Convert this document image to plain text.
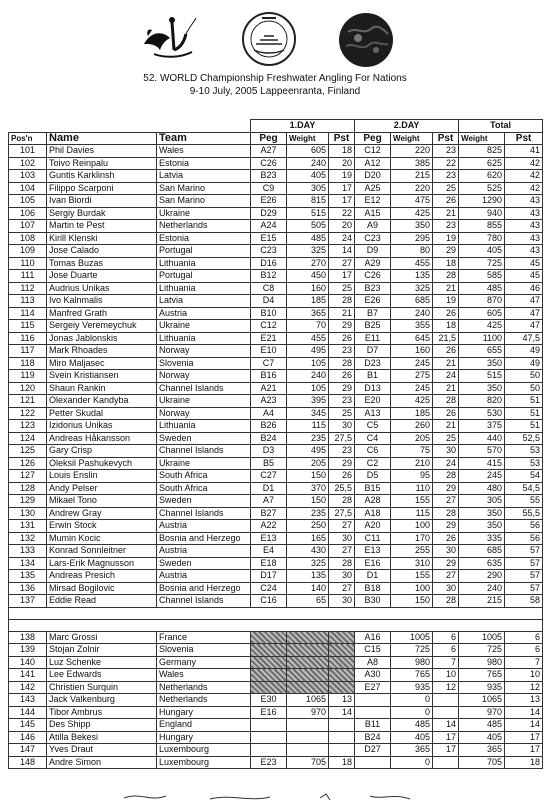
52. WORLD Championship Freshwater Angling For Nations
9-10 July, 2005 Lappeenranta, Finland
			1.DAY			2.DAY			Total	
Pos'n	Name	Team	Peg	Weight	Pst	Peg	Weight	Pst	Weight	Pst
101	Phil Davies	Wales	A27	605	18	C12	220	23	825	41
102	Toivo Reinpalu	Estonia	C26	240	20	A12	385	22	625	42
103	Guntis Karklinsh	Latvia	B23	405	19	D20	215	23	620	42
104	Filippo Scarponi	San Marino	C9	305	17	A25	220	25	525	42
105	Ivan Biordi	San Marino	E26	815	17	E12	475	26	1290	43
106	Sergiy Burdak	Ukraine	D29	515	22	A15	425	21	940	43
107	Martin te Pest	Netherlands	A24	505	20	A9	350	23	855	43
108	Kirill Klenski	Estonia	E15	485	24	C23	295	19	780	43
109	Jose Calado	Portugal	C23	325	14	D9	80	29	405	43
110	Tomas Buzas	Lithuania	D16	270	27	A29	455	18	725	45
111	Jose Duarte	Portugal	B12	450	17	C26	135	28	585	45
112	Audrius Unikas	Lithuania	C8	160	25	B23	325	21	485	46
113	Ivo Kalnmalis	Latvia	D4	185	28	E26	685	19	870	47
114	Manfred Grath	Austria	B10	365	21	B7	240	26	605	47
115	Sergeiy Veremeychuk	Ukraine	C12	70	29	B25	355	18	425	47
116	Jonas Jablonskis	Lithuania	E21	455	26	E11	645	21,5	1100	47,5
117	Mark Rhoades	Norway	E10	495	23	D7	160	26	655	49
118	Miro Maljasec	Slovenia	C7	105	28	D23	245	21	350	49
119	Svein Kristiansen	Norway	B16	240	26	B1	275	24	515	50
120	Shaun Rankin	Channel Islands	A21	105	29	D13	245	21	350	50
121	Olexander Kandyba	Ukraine	A23	395	23	E20	425	28	820	51
122	Petter Skudal	Norway	A4	345	25	A13	185	26	530	51
123	Izidorius Unikas	Lithuania	B26	115	30	C5	260	21	375	51
124	Andreas Håkansson	Sweden	B24	235	27,5	C4	205	25	440	52,5
125	Gary Crisp	Channel Islands	D3	495	23	C6	75	30	570	53
126	Oleksil Pashukevych	Ukraine	B5	205	29	C2	210	24	415	53
127	Louis Enslin	South Africa	C27	150	26	D5	95	28	245	54
128	Andy Pelser	South Africa	D1	370	25,5	B15	110	29	480	54,5
129	Mikael Tono	Sweden	A7	150	28	A28	155	27	305	55
130	Andrew Gray	Channel Islands	B27	235	27,5	A18	115	28	350	55,5
131	Erwin Stock	Austria	A22	250	27	A20	100	29	350	56
132	Mumin Kocic	Bosnia and Herzego	E13	165	30	C11	170	26	335	56
133	Konrad Sonnleitner	Austria	E4	430	27	E13	255	30	685	57
134	Lars-Erik Magnusson	Sweden	E18	325	28	E16	310	29	635	57
135	Andreas Presich	Austria	D17	135	30	D1	155	27	290	57
136	Mirsad Bogilovic	Bosnia and Herzego	C24	140	27	B18	100	30	240	57
137	Eddie Read	Channel Islands	C16	65	30	B30	150	28	215	58

138	Marc Grossi	France				A16	1005	6	1005	6
139	Stojan Zolnir	Slovenia				C15	725	6	725	6
140	Luz Schenke	Germany				A8	980	7	980	7
141	Lee Edwards	Wales				A30	765	10	765	10
142	Christien Surquin	Netherlands				E27	935	12	935	12
143	Jack Valkenburg	Netherlands	E30	1065	13		0		1065	13
144	Tibor Ambrus	Hungary	E16	970	14		0		970	14
145	Des Shipp	England				B11	485	14	485	14
146	Atilla Bekesi	Hungary				B24	405	17	405	17
147	Yves Draut	Luxembourg				D27	365	17	365	17
148	Andre Simon	Luxembourg	E23	705	18		0		705	18
